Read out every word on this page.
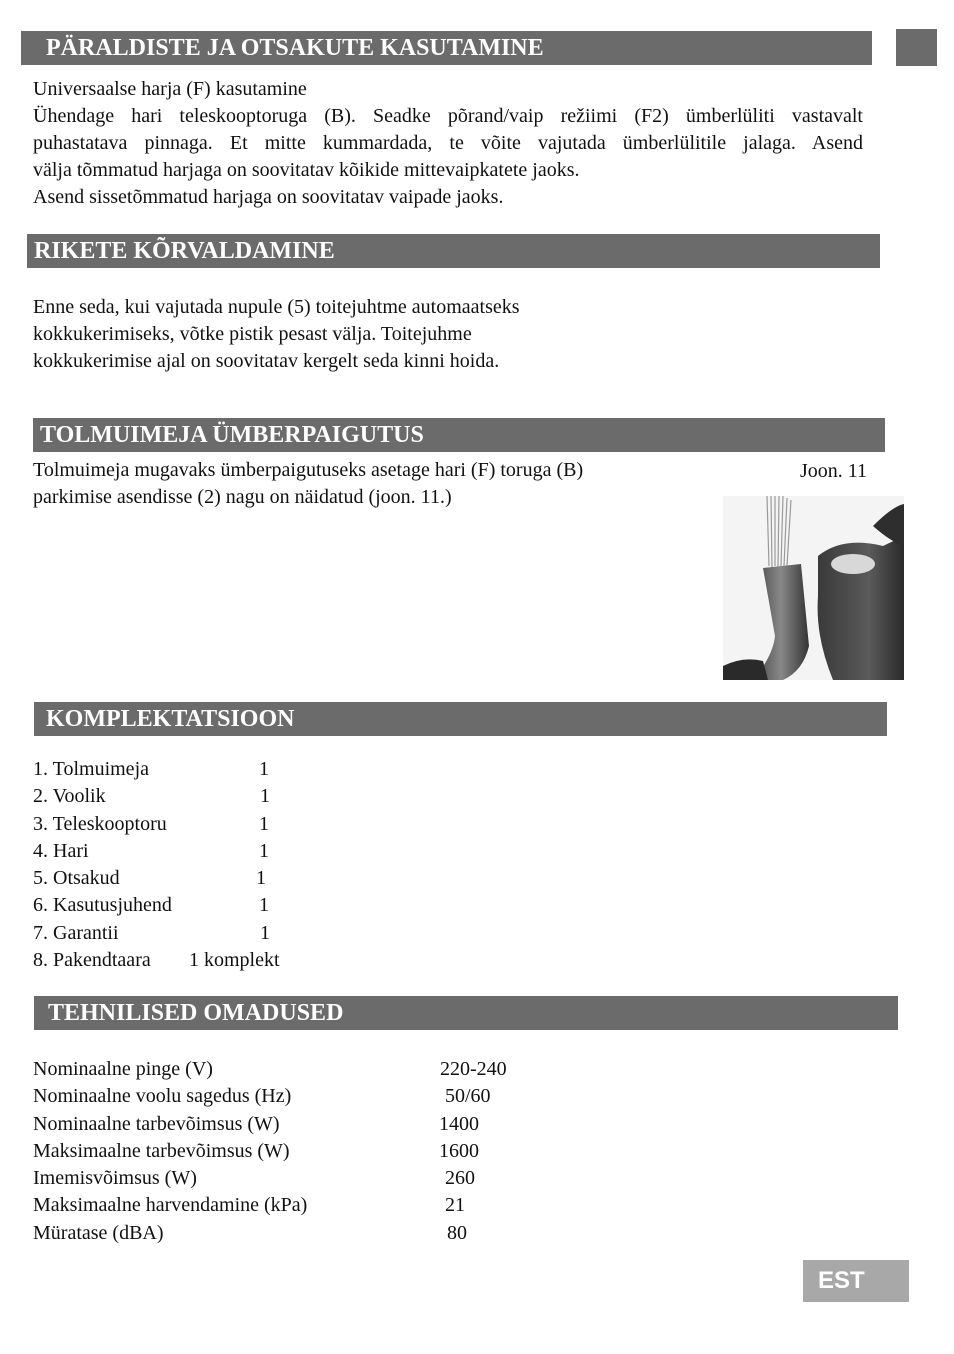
PÄRALDISTE JA OTSAKUTE KASUTAMINE
Universaalse harja (F) kasutamine
Ühendage hari teleskooptoruga (B). Seadke põrand/vaip režiimi (F2) ümberlüliti vastavalt
puhastatava pinnaga. Et mitte kummardada, te võite vajutada ümberlülitile jalaga. Asend
välja tõmmatud harjaga on soovitatav kõikide mittevaipkatete jaoks.
Asend sissetõmmatud harjaga on soovitatav vaipade jaoks.
RIKETE KÕRVALDAMINE
Enne seda, kui vajutada nupule (5) toitejuhtme automaatseks
kokkukerimiseks, võtke pistik pesast välja. Toitejuhme
kokkukerimise ajal on soovitatav kergelt seda kinni hoida.
TOLMUIMEJA ÜMBERPAIGUTUS
Tolmuimeja mugavaks ümberpaigutuseks asetage hari (F) toruga (B)
parkimise asendisse (2) nagu on näidatud (joon. 11.)
Joon. 11
KOMPLEKTATSIOON
1. Tolmuimeja	1
2. Voolik	1
3. Teleskooptoru	1
4. Hari	1
5. Otsakud	1
6. Kasutusjuhend	1
7. Garantii	1
8. Pakendtaara 1 komplekt
TEHNILISED OMADUSED
Nominaalne pinge (V)	220-240
Nominaalne voolu sagedus (Hz)	50/60
Nominaalne tarbevõimsus (W)	1400
Maksimaalne tarbevõimsus (W)	1600
Imemisvõimsus (W)	260
Maksimaalne harvendamine (kPa)	21
Müratase (dBA)	80
EST
